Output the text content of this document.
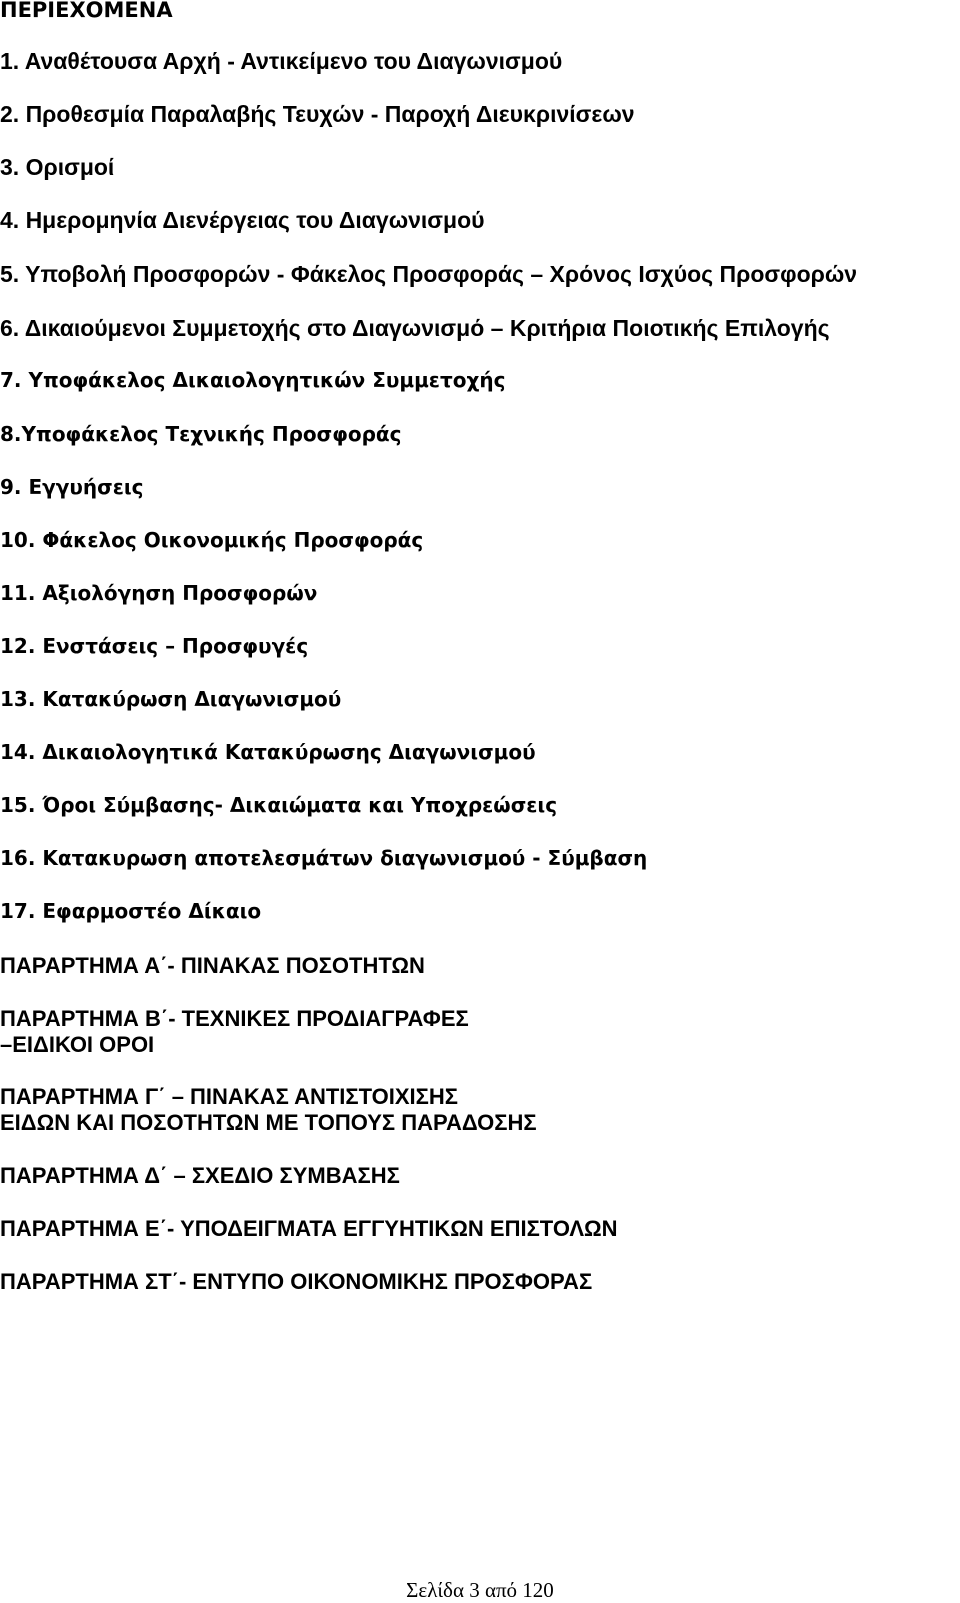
ΠΕΡΙΕΧΟΜΕΝΑ
1. Αναθέτουσα Αρχή - Αντικείμενο του Διαγωνισμού
2. Προθεσμία Παραλαβής Τευχών - Παροχή Διευκρινίσεων
3. Ορισμοί
4. Ημερομηνία Διενέργειας του Διαγωνισμού
5. Υποβολή Προσφορών - Φάκελος Προσφοράς – Χρόνος Ισχύος Προσφορών
6. Δικαιούμενοι Συμμετοχής στο Διαγωνισμό – Κριτήρια Ποιοτικής Επιλογής
7. Υποφάκελος Δικαιολογητικών Συμμετοχής
8.Υποφάκελος Τεχνικής Προσφοράς
9. Εγγυήσεις
10. Φάκελος Οικονομικής Προσφοράς
11. Αξιολόγηση Προσφορών
12. Ενστάσεις – Προσφυγές
13. Κατακύρωση Διαγωνισμού
14. Δικαιολογητικά Κατακύρωσης Διαγωνισμού
15. Όροι Σύμβασης- Δικαιώματα και Υποχρεώσεις
16. Κατακυρωση αποτελεσμάτων διαγωνισμού - Σύμβαση
17. Εφαρμοστέο Δίκαιο
ΠΑΡΑΡΤΗΜΑ Α΄- ΠΙΝΑΚΑΣ ΠΟΣΟΤΗΤΩΝ
ΠΑΡΑΡΤΗΜΑ Β΄- ΤΕΧΝΙΚΕΣ ΠΡΟΔΙΑΓΡΑΦΕΣ
–ΕΙΔΙΚΟΙ ΟΡΟΙ
ΠΑΡΑΡΤΗΜΑ Γ΄ – ΠΙΝΑΚΑΣ ΑΝΤΙΣΤΟΙΧΙΣΗΣ
ΕΙΔΩΝ ΚΑΙ ΠΟΣΟΤΗΤΩΝ ΜΕ ΤΟΠΟΥΣ ΠΑΡΑΔΟΣΗΣ
ΠΑΡΑΡΤΗΜΑ Δ΄ – ΣΧΕΔΙΟ ΣΥΜΒΑΣΗΣ
ΠΑΡΑΡΤΗΜΑ Ε΄- ΥΠΟΔΕΙΓΜΑΤΑ ΕΓΓΥΗΤΙΚΩΝ ΕΠΙΣΤΟΛΩΝ
ΠΑΡΑΡΤΗΜΑ ΣΤ΄- ΕΝΤΥΠΟ ΟΙΚΟΝΟΜΙΚΗΣ ΠΡΟΣΦΟΡΑΣ
Σελίδα 3 από 120
